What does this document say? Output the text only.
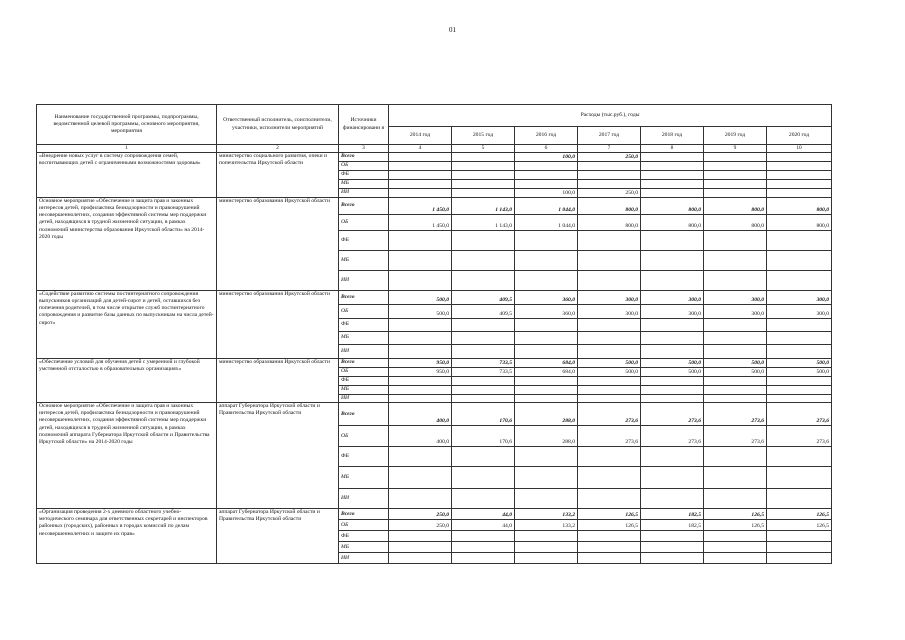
01
Наименование государственной программы, подпрограммы, ведомственной целевой программы, основного мероприятия, мероприятия	Ответственный исполнитель, соисполнители, участники, исполнители мероприятий	Источники финансировани я	Расходы (тыс.руб.), годы						
			2014 год	2015 год	2016 год	2017 год	2018 год	2019 год	2020 год
1	2	3	4	5	6	7	8	9	10
«Внедрение новых услуг в систему сопровождения семей, воспитывающих детей с ограниченными возможностями здоровья»	министерство социального развития, опеки и попечительства Иркутской области	Всего			100,0	250,0			
		ОБ							
		ФБ							
		МБ							
		ИИ			100,0	250,0			
Основное мероприятие «Обеспечение и защита прав и законных интересов детей, профилактика безнадзорности и правонарушений несовершеннолетних, создания эффективной системы мер поддержки детей, находящихся в трудной жизненной ситуации, в рамках полномочий министерства образования Иркутской области» на 2014-2020 годы	министерство образования Иркутской области	Всего	1 450,0	1 143,0	1 044,0	800,0	800,0	800,0	800,0
		ОБ	1 450,0	1 143,0	1 044,0	800,0	800,0	800,0	800,0
		ФБ							
		МБ							
		ИИ							
«Содействие развитию системы постинтернатного сопровождения выпускников организаций для детей-сирот и детей, оставшихся без попечения родителей, в том числе открытие служб постинтернатного сопровождения и развитие базы данных по выпускникам на числа детей-сирот»	министерство образования Иркутской области	Всего	500,0	409,5	360,0	300,0	300,0	300,0	300,0
		ОБ	500,0	409,5	360,0	300,0	300,0	300,0	300,0
		ФБ							
		МБ							
		ИИ							
«Обеспечение условий для обучения детей с умеренной и глубокой умственной отсталостью в образовательных организациях»	министерство образования Иркутской области	Всего	950,0	733,5	684,0	500,0	500,0	500,0	500,0
		ОБ	950,0	733,5	684,0	500,0	500,0	500,0	500,0
		ФБ							
		МБ							
		ИИ							
Основное мероприятие «Обеспечение и защита прав и законных интересов детей, профилактика безнадзорности и правонарушений несовершеннолетних, создания эффективной системы мер поддержки детей, находящихся в трудной жизненной ситуации, в рамках полномочий аппарата Губернатора Иркутской области и Правительства Иркутской области» на 2014-2020 годы	аппарат Губернатора Иркутской области и Правительства Иркутской области	Всего	400,0	170,6	288,0	273,6	273,6	273,6	273,6
		ОБ	400,0	170,6	288,0	273,6	273,6	273,6	273,6
		ФБ							
		МБ							
		ИИ							
«Организация проведения 2-х дневного областного учебно-методического семинара для ответственных секретарей и инспекторов районных (городских), районных в городах комиссий по делам несовершеннолетних и защите их прав»	аппарат Губернатора Иркутской области и Правительства Иркутской области	Всего	250,0	44,0	133,2	126,5	182,5	126,5	126,5
		ОБ	250,0	44,0	133,2	126,5	182,5	126,5	126,5
		ФБ							
		МБ							
		ИИ							
